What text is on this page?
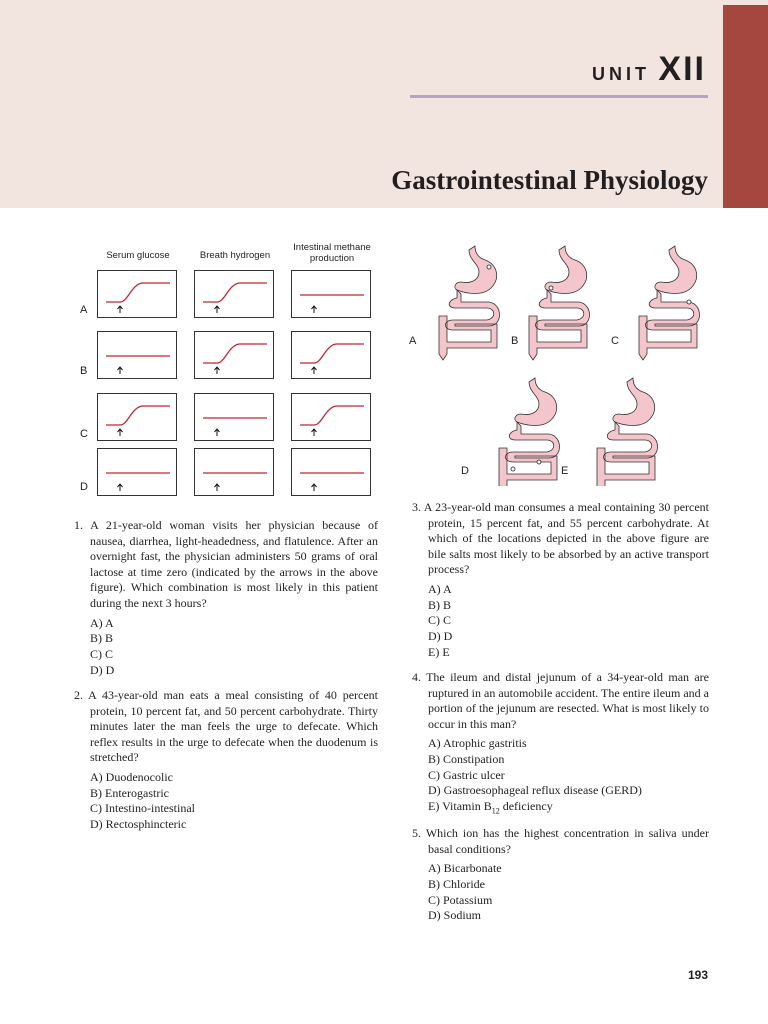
UNIT XII
Gastrointestinal Physiology
Serum glucose	Breath hydrogen
Intestinal methane production
A
B
C
D
A	B	C
D	E
1. A 21-year-old woman visits her physician because of nausea, diarrhea, light-headedness, and flatulence. After an overnight fast, the physician administers 50 grams of oral lactose at time zero (indicated by the arrows in the above figure). Which combination is most likely in this patient during the next 3 hours?
A) A
B) B
C) C
D) D
2. A 43-year-old man eats a meal consisting of 40 percent protein, 10 percent fat, and 50 percent carbohydrate. Thirty minutes later the man feels the urge to defecate. Which reflex results in the urge to defecate when the duodenum is stretched?
A) Duodenocolic
B) Enterogastric
C) Intestino-intestinal
D) Rectosphincteric
3. A 23-year-old man consumes a meal containing 30 percent protein, 15 percent fat, and 55 percent carbohydrate. At which of the locations depicted in the above figure are bile salts most likely to be absorbed by an active transport process?
A) A
B) B
C) C
D) D
E) E
4. The ileum and distal jejunum of a 34-year-old man are ruptured in an automobile accident. The entire ileum and a portion of the jejunum are resected. What is most likely to occur in this man?
A) Atrophic gastritis
B) Constipation
C) Gastric ulcer
D) Gastroesophageal reflux disease (GERD)
E) Vitamin $B_{12}$ deficiency
5. Which ion has the highest concentration in saliva under basal conditions?
A) Bicarbonate
B) Chloride
C) Potassium
D) Sodium
193
